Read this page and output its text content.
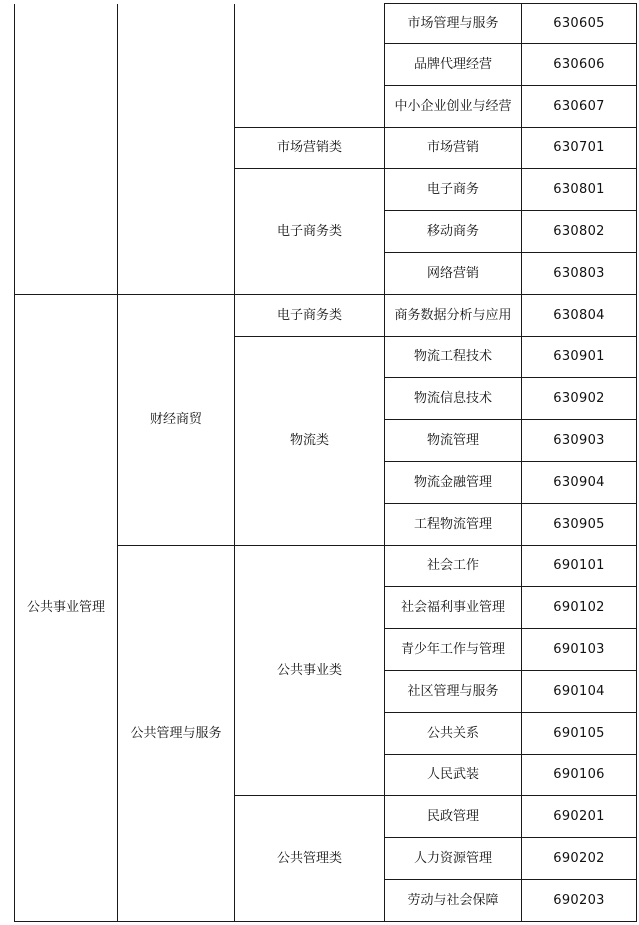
			市场管理与服务	630605
			品牌代理经营	630606
			中小企业创业与经营	630607
		市场营销类	市场营销	630701
		电子商务类	电子商务	630801
			移动商务	630802
			网络营销	630803
公共事业管理	财经商贸	电子商务类	商务数据分析与应用	630804
		物流类	物流工程技术	630901
			物流信息技术	630902
			物流管理	630903
			物流金融管理	630904
			工程物流管理	630905
	公共管理与服务	公共事业类	社会工作	690101
			社会福利事业管理	690102
			青少年工作与管理	690103
			社区管理与服务	690104
			公共关系	690105
			人民武装	690106
		公共管理类	民政管理	690201
			人力资源管理	690202
			劳动与社会保障	690203
